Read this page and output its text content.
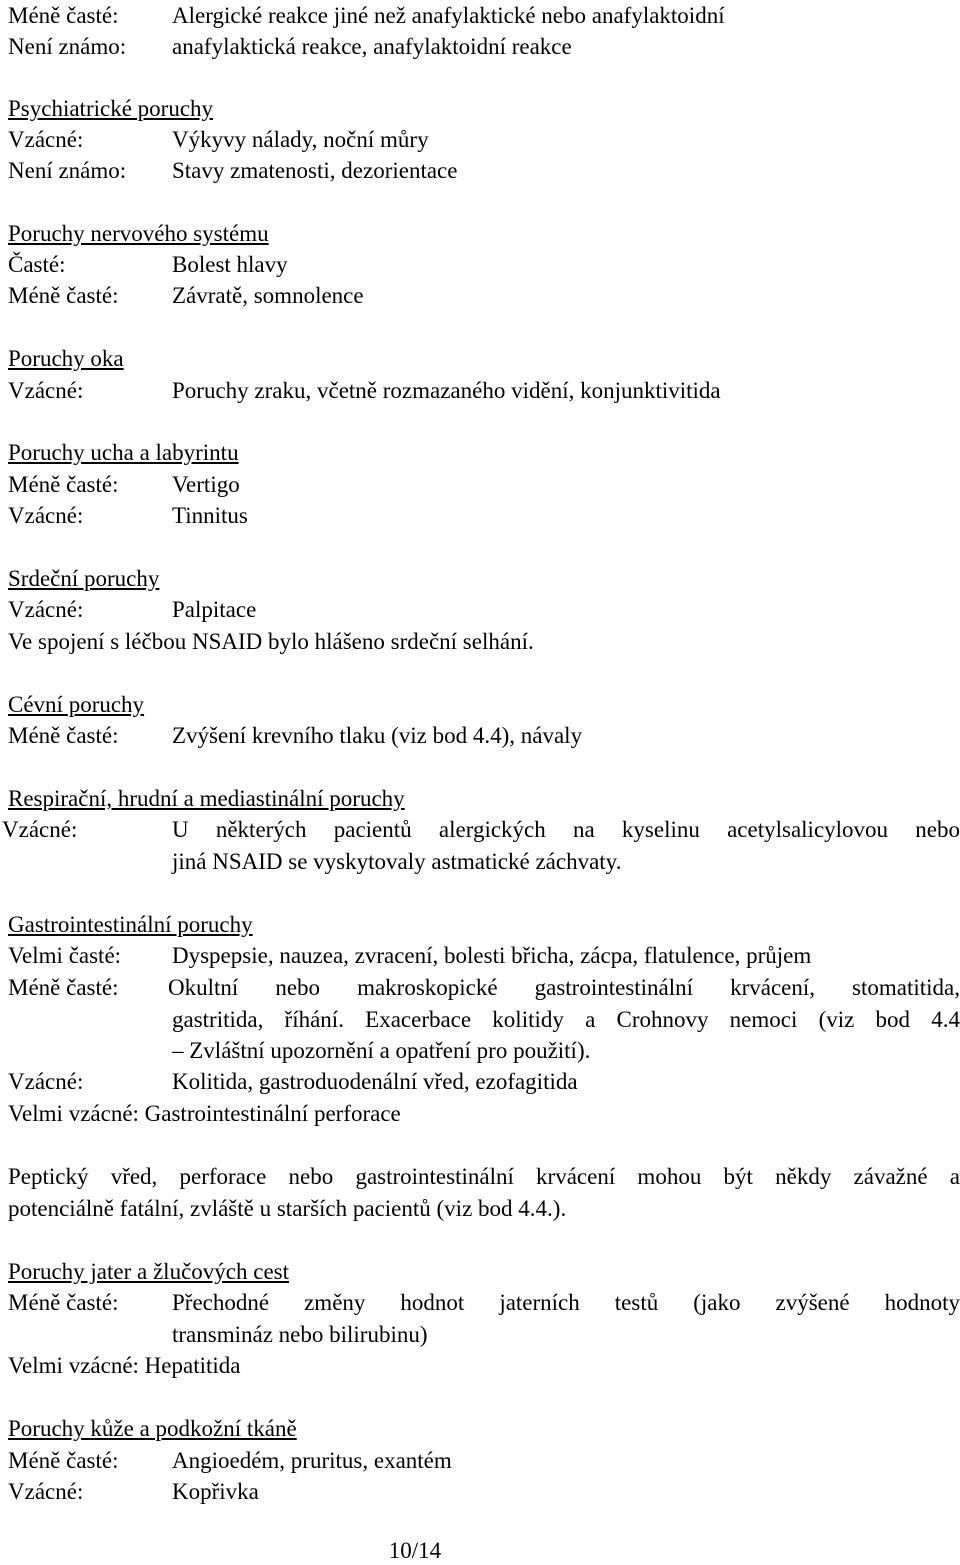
Méně časté: Alergické reakce jiné než anafylaktické nebo anafylaktoidní
Není známo: anafylaktická reakce, anafylaktoidní reakce
Psychiatrické poruchy
Vzácné:	Výkyvy nálady, noční můry
Není známo: Stavy zmatenosti, dezorientace
Poruchy nervového systému
Časté:	Bolest hlavy
Méně časté: Závratě, somnolence
Poruchy oka
Vzácné:	Poruchy zraku, včetně rozmazaného vidění, konjunktivitida
Poruchy ucha a labyrintu
Méně časté: Vertigo
Vzácné:	Tinnitus
Srdeční poruchy
Vzácné:	Palpitace
Ve spojení s léčbou NSAID bylo hlášeno srdeční selhání.
Cévní poruchy
Méně časté: Zvýšení krevního tlaku (viz bod 4.4), návaly
Respirační, hrudní a mediastinální poruchy
Vzácné:	U některých pacientů alergických na kyselinu acetylsalicylovou nebo
jiná NSAID se vyskytovaly astmatické záchvaty.
Gastrointestinální poruchy
Velmi časté: Dyspepsie, nauzea, zvracení, bolesti břicha, zácpa, flatulence, průjem
Méně časté: Okultní nebo makroskopické gastrointestinální krvácení, stomatitida,
gastritida, říhání. Exacerbace kolitidy a Crohnovy nemoci (viz bod 4.4
– Zvláštní upozornění a opatření pro použití).
Vzácné:	Kolitida, gastroduodenální vřed, ezofagitida
Velmi vzácné: Gastrointestinální perforace
Peptický vřed, perforace nebo gastrointestinální krvácení mohou být někdy závažné a
potenciálně fatální, zvláště u starších pacientů (viz bod 4.4.).
Poruchy jater a žlučových cest
Méně časté: Přechodné změny hodnot jaterních testů (jako zvýšené hodnoty
transmináz nebo bilirubinu)
Velmi vzácné: Hepatitida
Poruchy kůže a podkožní tkáně
Méně časté: Angioedém, pruritus, exantém
Vzácné:	Kopřivka
10/14
